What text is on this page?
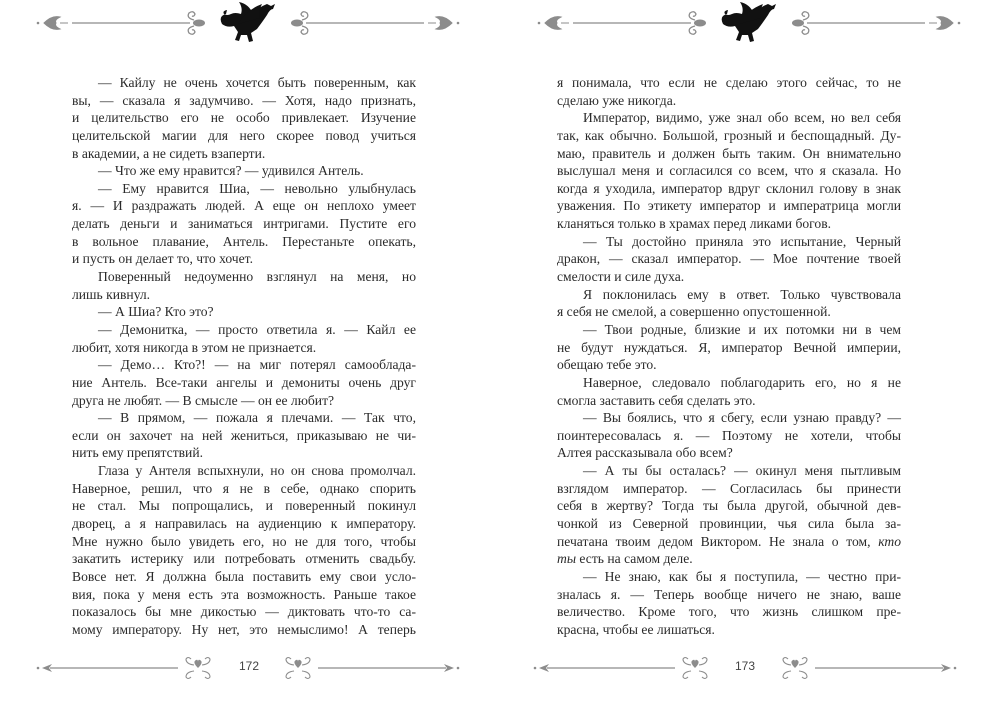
— Кайлу не очень хочется быть поверенным, как
вы, — сказала я задумчиво. — Хотя, надо признать,
и целительство его не особо привлекает. Изучение
целительской магии для него скорее повод учиться
в академии, а не сидеть взаперти.
— Что же ему нравится? — удивился Антель.
— Ему нравится Шиа, — невольно улыбнулась
я. — И раздражать людей. А еще он неплохо умеет
делать деньги и заниматься интригами. Пустите его
в вольное плавание, Антель. Перестаньте опекать,
и пусть он делает то, что хочет.
Поверенный недоуменно взглянул на меня, но
лишь кивнул.
— А Шиа? Кто это?
— Демонитка, — просто ответила я. — Кайл ее
любит, хотя никогда в этом не признается.
— Демо… Кто?! — на миг потерял самооблада-
ние Антель. Все-таки ангелы и демониты очень друг
друга не любят. — В смысле — он ее любит?
— В прямом, — пожала я плечами. — Так что,
если он захочет на ней жениться, приказываю не чи-
нить ему препятствий.
Глаза у Антеля вспыхнули, но он снова промолчал.
Наверное, решил, что я не в себе, однако спорить
не стал. Мы попрощались, и поверенный покинул
дворец, а я направилась на аудиенцию к императору.
Мне нужно было увидеть его, но не для того, чтобы
закатить истерику или потребовать отменить свадьбу.
Вовсе нет. Я должна была поставить ему свои усло-
вия, пока у меня есть эта возможность. Раньше такое
показалось бы мне дикостью — диктовать что-то са-
мому императору. Ну нет, это немыслимо! А теперь
172
я понимала, что если не сделаю этого сейчас, то не
сделаю уже никогда.
Император, видимо, уже знал обо всем, но вел себя
так, как обычно. Большой, грозный и беспощадный. Ду-
маю, правитель и должен быть таким. Он внимательно
выслушал меня и согласился со всем, что я сказала. Но
когда я уходила, император вдруг склонил голову в знак
уважения. По этикету император и императрица могли
кланяться только в храмах перед ликами богов.
— Ты достойно приняла это испытание, Черный
дракон, — сказал император. — Мое почтение твоей
смелости и силе духа.
Я поклонилась ему в ответ. Только чувствовала
я себя не смелой, а совершенно опустошенной.
— Твои родные, близкие и их потомки ни в чем
не будут нуждаться. Я, император Вечной империи,
обещаю тебе это.
Наверное, следовало поблагодарить его, но я не
смогла заставить себя сделать это.
— Вы боялись, что я сбегу, если узнаю правду? —
поинтересовалась я. — Поэтому не хотели, чтобы
Алтея рассказывала обо всем?
— А ты бы осталась? — окинул меня пытливым
взглядом император. — Согласилась бы принести
себя в жертву? Тогда ты была другой, обычной дев-
чонкой из Северной провинции, чья сила была за-
печатана твоим дедом Виктором. Не знала о том, кто
ты есть на самом деле.
— Не знаю, как бы я поступила, — честно при-
зналась я. — Теперь вообще ничего не знаю, ваше
величество. Кроме того, что жизнь слишком пре-
красна, чтобы ее лишаться.
173
